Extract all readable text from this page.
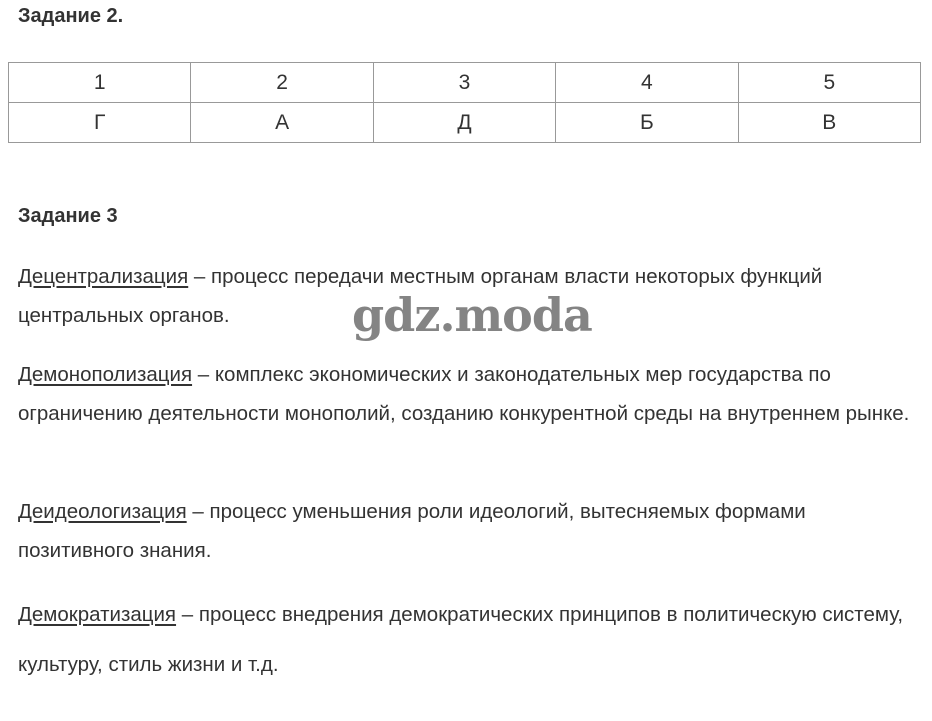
Задание 2.
1	2	3	4	5
Г	А	Д	Б	В
Задание 3

Децентрализация – процесс передачи местным органам власти некоторых функций центральных органов.

Демонополизация – комплекс экономических и законодательных мер государства по ограничению деятельности монополий, созданию конкурентной среды на внутреннем рынке.

Деидеологизация – процесс уменьшения роли идеологий, вытесняемых формами позитивного знания.

Демократизация – процесс внедрения демократических принципов в политическую систему, культуру, стиль жизни и т.д.

gdz.moda
